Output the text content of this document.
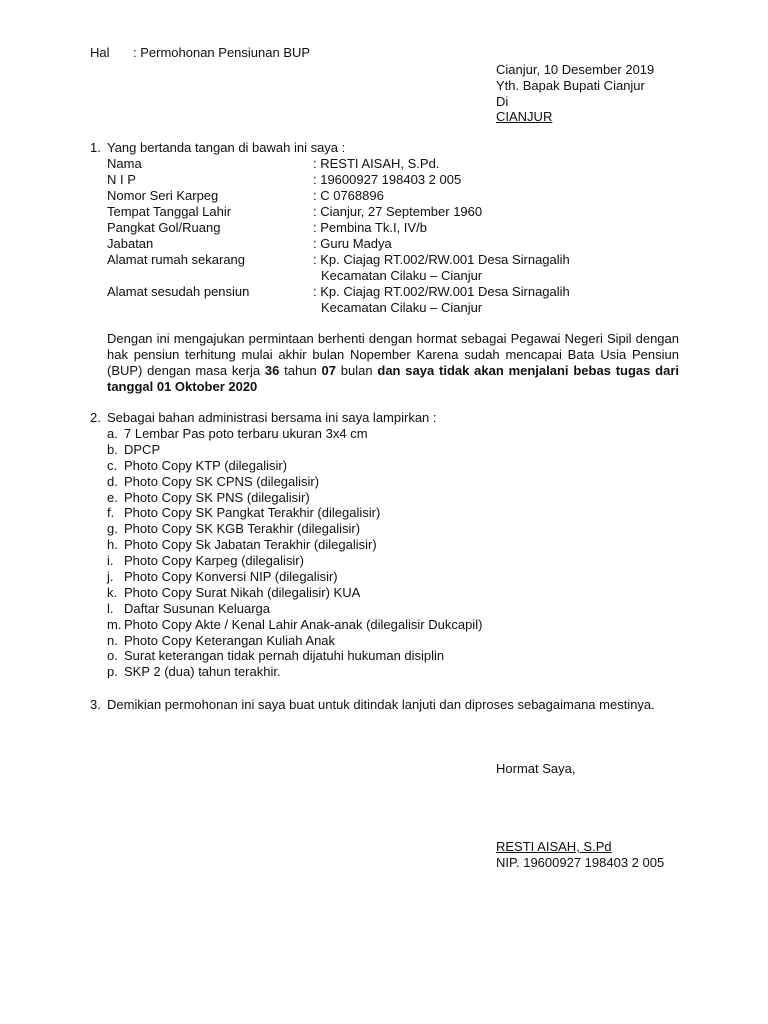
Hal : Permohonan Pensiunan BUP
Cianjur, 10 Desember 2019
Yth. Bapak Bupati Cianjur
Di
CIANJUR
1. Yang bertanda tangan di bawah ini saya :
Nama	: RESTI AISAH, S.Pd.
N I P	: 19600927 198403 2 005
Nomor Seri Karpeg	: C 0768896
Tempat Tanggal Lahir	: Cianjur, 27 September 1960
Pangkat Gol/Ruang	: Pembina Tk.I, IV/b
Jabatan	: Guru Madya
Alamat rumah sekarang	: Kp. Ciajag RT.002/RW.001 Desa Sirnagalih
Kecamatan Cilaku – Cianjur
Alamat sesudah pensiun	: Kp. Ciajag RT.002/RW.001 Desa Sirnagalih
Kecamatan Cilaku – Cianjur
Dengan ini mengajukan permintaan berhenti dengan hormat sebagai Pegawai Negeri Sipil dengan hak pensiun terhitung mulai akhir bulan Nopember Karena sudah mencapai Bata Usia Pensiun (BUP) dengan masa kerja 36 tahun 07 bulan dan saya tidak akan menjalani bebas tugas dari tanggal 01 Oktober 2020
2. Sebagai bahan administrasi bersama ini saya lampirkan :
a. 7 Lembar Pas poto terbaru ukuran 3x4 cm
b. DPCP
c. Photo Copy KTP (dilegalisir)
d. Photo Copy SK CPNS (dilegalisir)
e. Photo Copy SK PNS (dilegalisir)
f. Photo Copy SK Pangkat Terakhir (dilegalisir)
g. Photo Copy SK KGB Terakhir (dilegalisir)
h. Photo Copy Sk Jabatan Terakhir (dilegalisir)
i. Photo Copy Karpeg (dilegalisir)
j. Photo Copy Konversi NIP (dilegalisir)
k. Photo Copy Surat Nikah (dilegalisir) KUA
l. Daftar Susunan Keluarga
m. Photo Copy Akte / Kenal Lahir Anak-anak (dilegalisir Dukcapil)
n. Photo Copy Keterangan Kuliah Anak
o. Surat keterangan tidak pernah dijatuhi hukuman disiplin
p. SKP 2 (dua) tahun terakhir.
3. Demikian permohonan ini saya buat untuk ditindak lanjuti dan diproses sebagaimana mestinya.
Hormat Saya,
RESTI AISAH, S.Pd
NIP. 19600927 198403 2 005
